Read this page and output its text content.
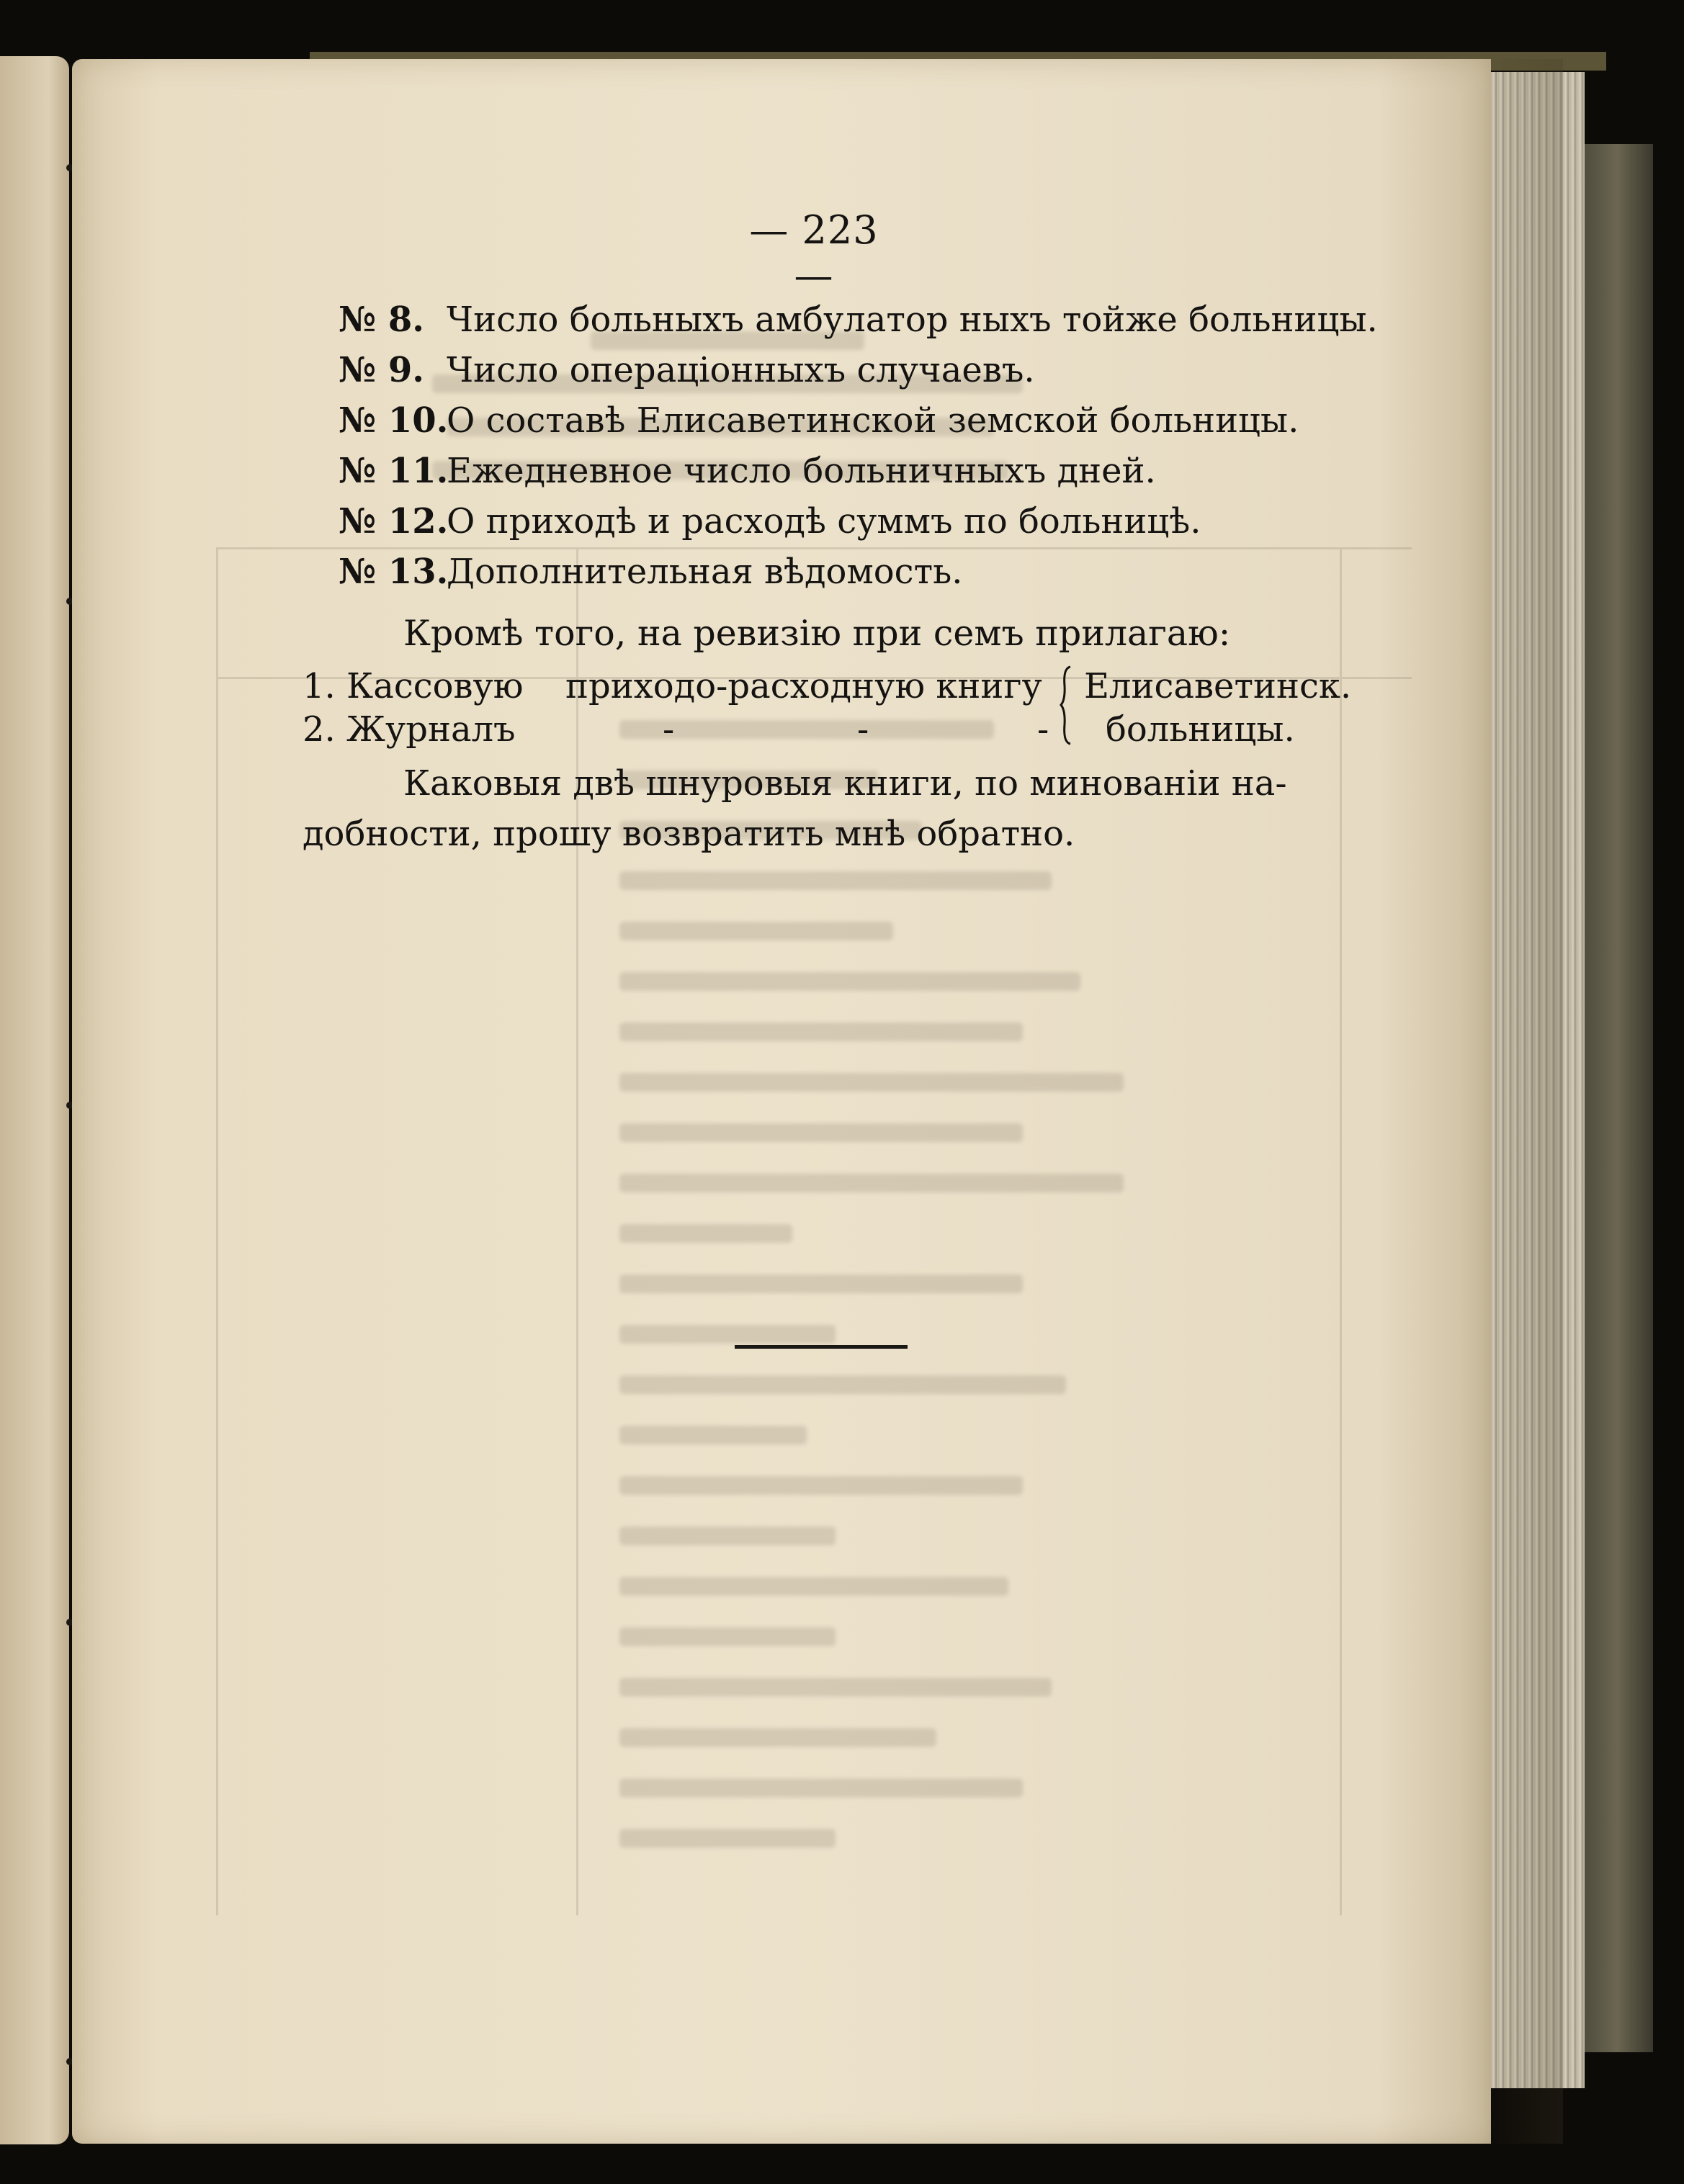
— 223 —
№ 8. Число больныхъ амбулатор ныхъ тойже больницы.
№ 9. Число операціонныхъ случаевъ.
№ 10.О составѣ Елисаветинской земской больницы.
№ 11.Ежедневное число больничныхъ дней.
№ 12.О приходѣ и расходѣ суммъ по больницѣ.
№ 13.Дополнительная вѣдомость.
Кромѣ того, на ревизію при семъ прилагаю:
1. Кассовую приходо-расходную книгу Елисаветинск.
2. Журналъ	-	-	- больницы.
Каковыя двѣ шнуровыя книги, по минованіи на-
добности, прошу возвратить мнѣ обратно.
